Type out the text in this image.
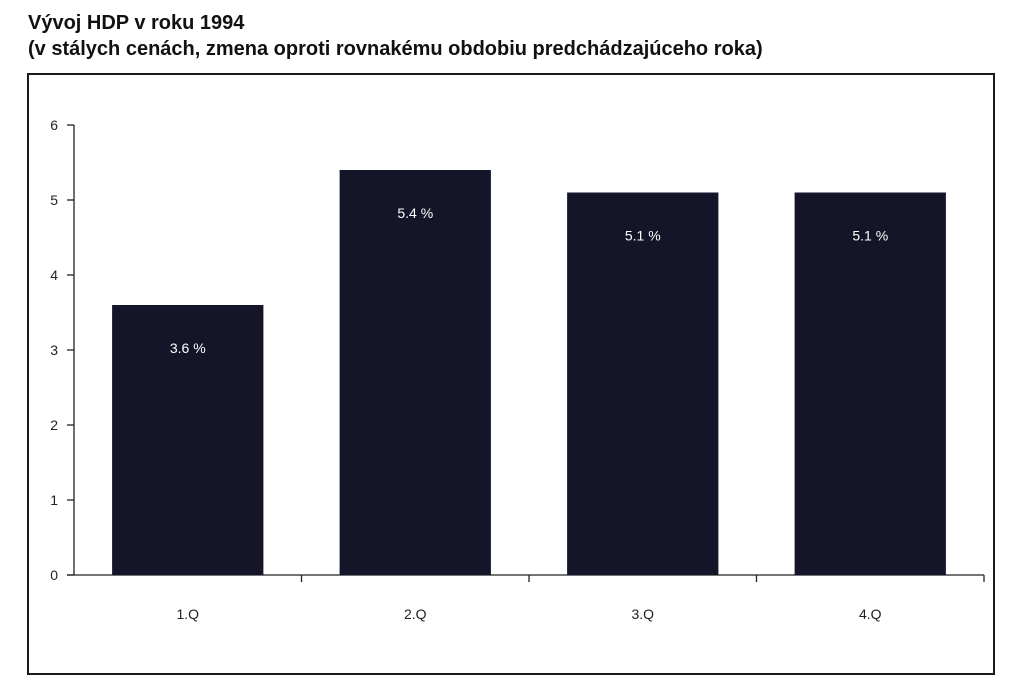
Vývoj HDP v roku 1994
(v stálych cenách, zmena oproti rovnakému obdobiu predchádzajúceho roka)
0
1
2
3
4
5
6
1.Q	2.Q	3.Q	4.Q
3.6 %
5.4 %
5.1 %	5.1 %
